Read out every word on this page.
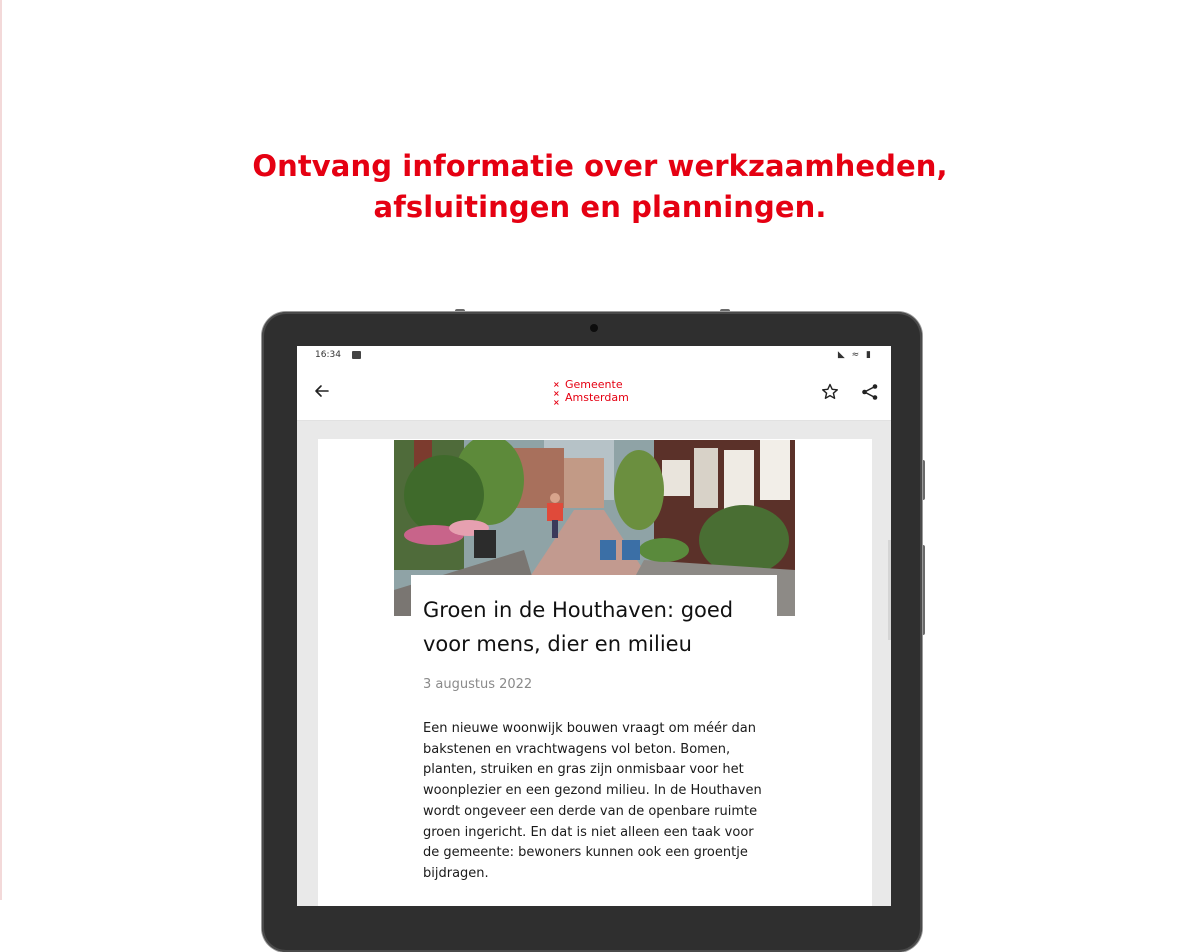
Ontvang informatie over werkzaamheden,
afsluitingen en planningen.
16:34	◣ ≈ ▮
×
×
×
Gemeente
Amsterdam
Groen in de Houthaven: goed voor mens, dier en milieu
3 augustus 2022

Een nieuwe woonwijk bouwen vraagt om méér dan bakstenen en vrachtwagens vol beton. Bomen, planten, struiken en gras zijn onmisbaar voor het woonplezier en een gezond milieu. In de Houthaven wordt ongeveer een derde van de openbare ruimte groen ingericht. En dat is niet alleen een taak voor de gemeente: bewoners kunnen ook een groentje bijdragen.
